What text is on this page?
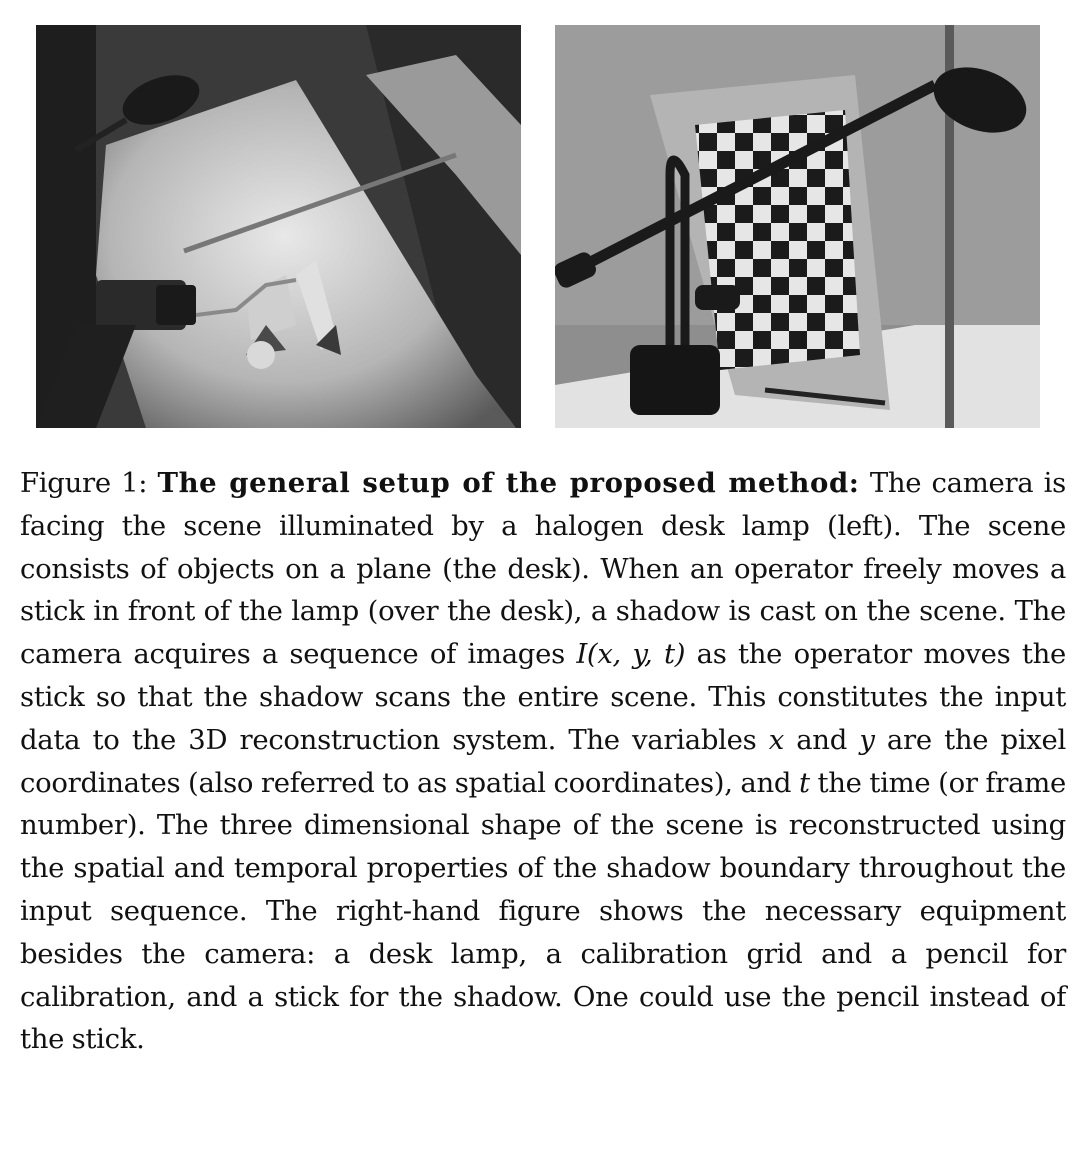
Figure 1: The general setup of the proposed method: The camera is facing the scene illuminated by a halogen desk lamp (left). The scene consists of objects on a plane (the desk). When an operator freely moves a stick in front of the lamp (over the desk), a shadow is cast on the scene. The camera acquires a sequence of images I(x, y, t) as the operator moves the stick so that the shadow scans the entire scene. This constitutes the input data to the 3D reconstruction system. The variables x and y are the pixel coordinates (also referred to as spatial coordinates), and t the time (or frame number). The three dimensional shape of the scene is reconstructed using the spatial and temporal properties of the shadow boundary throughout the input sequence. The right-hand figure shows the necessary equipment besides the camera: a desk lamp, a calibration grid and a pencil for calibration, and a stick for the shadow. One could use the pencil instead of the stick.
